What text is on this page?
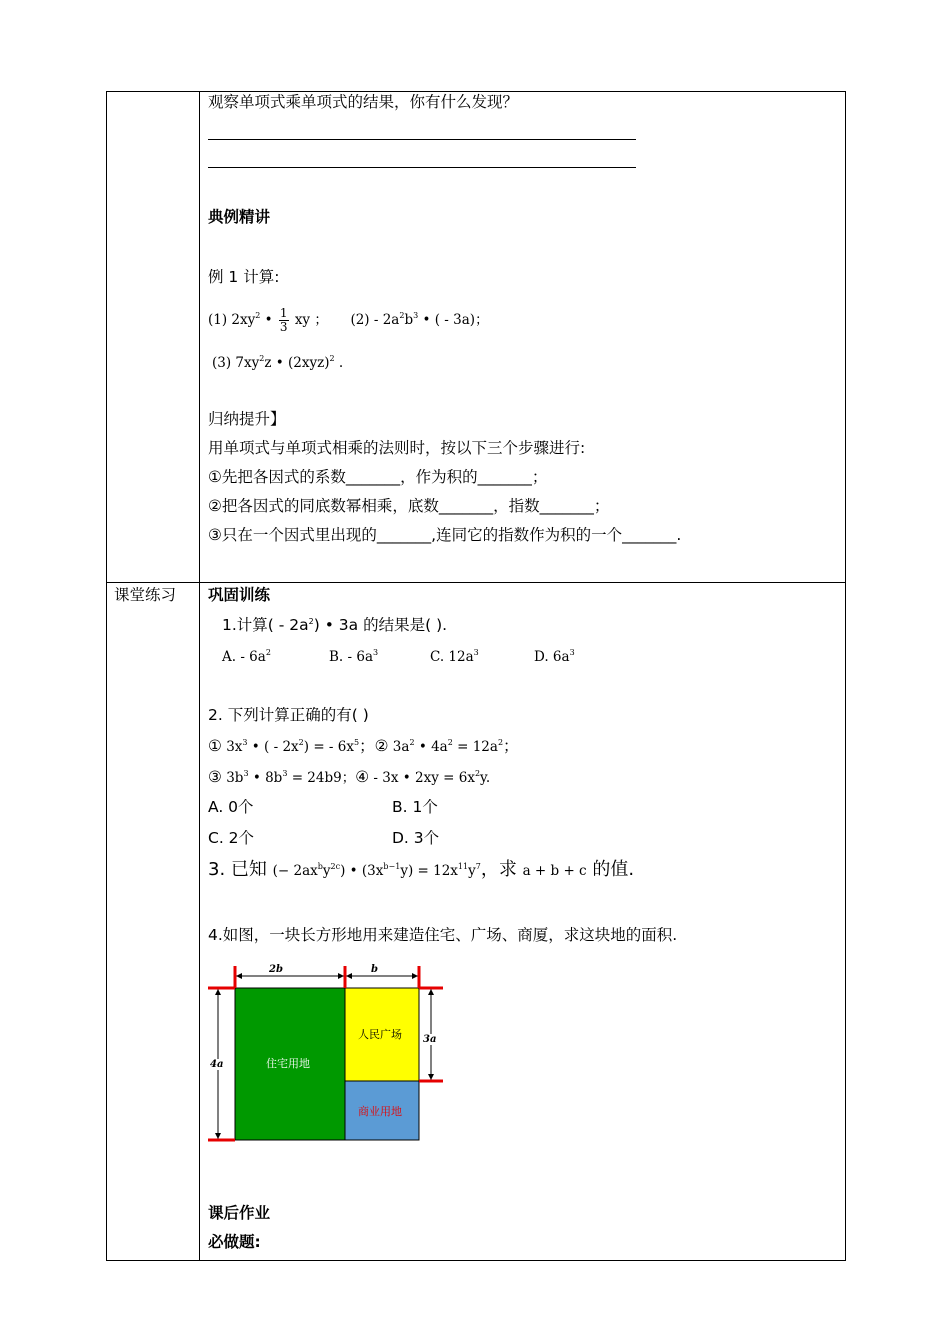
观察单项式乘单项式的结果，你有什么发现？
典例精讲
例 1 计算:
(1) $2xy^2$ • $\frac{1}{3}$ xy ； $(2) - 2a^2b^3$ • ( - 3a)；
(3) $7xy^2z$ • $(2xyz)^2$ .
归纳提升】
用单项式与单项式相乘的法则时，按以下三个步骤进行:
①先把各因式的系数_______，作为积的_______；
②把各因式的同底数幂相乘，底数_______，指数_______；
③只在一个因式里出现的_______,连同它的指数作为积的一个_______.
课堂练习 巩固训练
1.计算( - $2a^2$) • 3a 的结果是( ).
A. - $6a^2$	B. - $6a^3$	C. $12a^3$	D. $6a^3$
2. 下列计算正确的有( )
① $3x^3$ • ( - $2x^2$) = - $6x^5$；② $3a^2$ • $4a^2 = 12a^2$；
③ $3b^3$ • $8b^3 = 24b9$；④ - 3x • $2xy = 6x^2y$.
A. 0个	B. 1个
C. 2个	D. 3个
3. 已知 (− $2ax^by^{2c}$) • $(3x^{b-1}y) = 12x^{11}y^7$，求 a + b + c 的值.
4.如图，一块长方形地用来建造住宅、广场、商厦，求这块地的面积.
2b	b
3a
4a	住宅用地
人民广场
商业用地
课后作业
必做题:
